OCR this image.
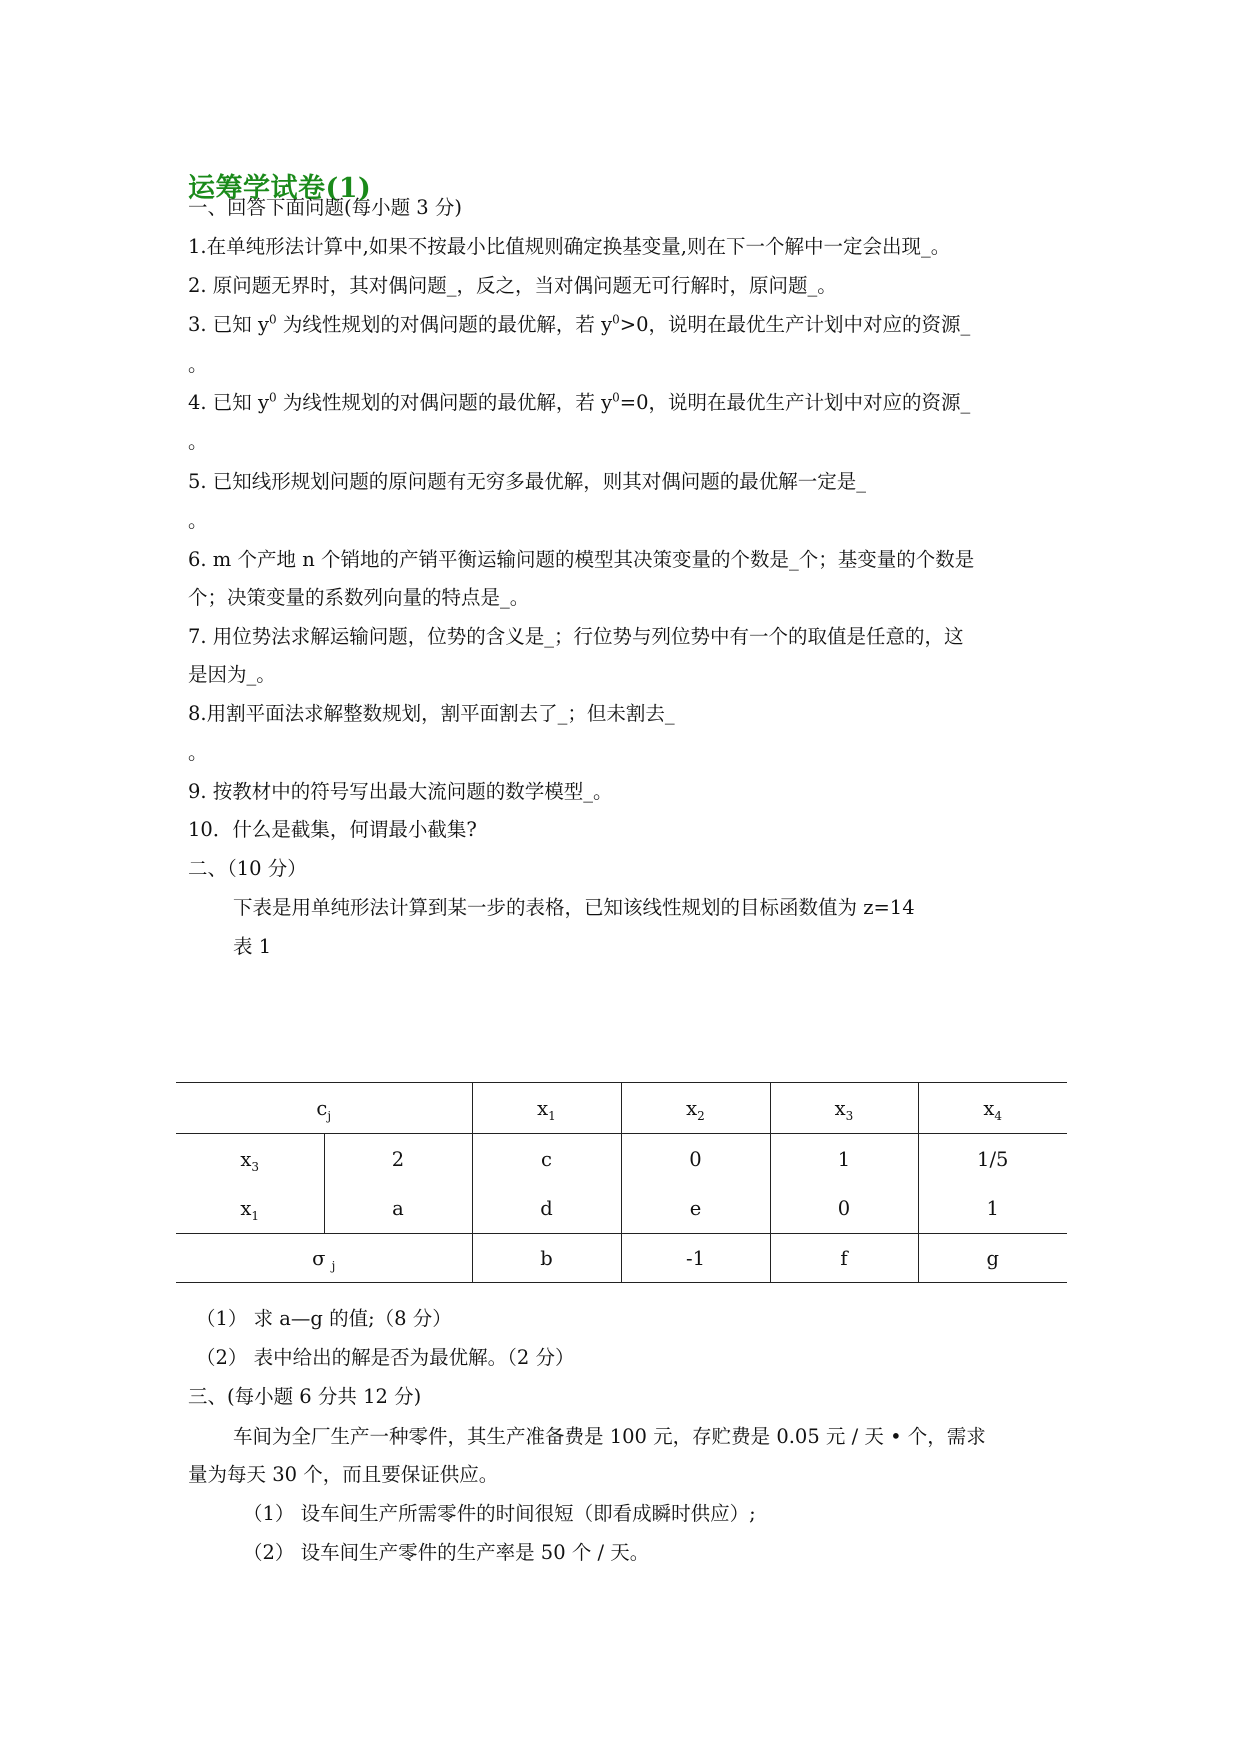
运筹学试卷(1)
一、回答下面问题(每小题 3 分)
1.在单纯形法计算中,如果不按最小比值规则确定换基变量,则在下一个解中一定会出现_。
2. 原问题无界时，其对偶问题_，反之，当对偶问题无可行解时，原问题_。
3. 已知 $y^0$ 为线性规划的对偶问题的最优解，若 $y^0>0$，说明在最优生产计划中对应的资源_
。
4. 已知 $y^0$ 为线性规划的对偶问题的最优解，若 $y^0=0$，说明在最优生产计划中对应的资源_
。
5. 已知线形规划问题的原问题有无穷多最优解，则其对偶问题的最优解一定是_
。
6. m 个产地 n 个销地的产销平衡运输问题的模型其决策变量的个数是_个；基变量的个数是
个；决策变量的系数列向量的特点是_。
7. 用位势法求解运输问题，位势的含义是_；行位势与列位势中有一个的取值是任意的，这
是因为_。
8.用割平面法求解整数规划，割平面割去了_；但未割去_
。
9. 按教材中的符号写出最大流问题的数学模型_。
10．什么是截集，何谓最小截集?
二、（10 分）
下表是用单纯形法计算到某一步的表格，已知该线性规划的目标函数值为 z=14
表 1
$c_j$		$x_1$	$x_2$	$x_3$	$x_4$
$x_3$	2	c	0	1	1/5
$x_1$	a	d	e	0	1
σ $_j$		b	-1	f	g
（1） 求 a—g 的值;（8 分）
（2） 表中给出的解是否为最优解。（2 分）
三、(每小题 6 分共 12 分)
车间为全厂生产一种零件，其生产准备费是 100 元，存贮费是 0.05 元 / 天 • 个，需求
量为每天 30 个，而且要保证供应。
（1） 设车间生产所需零件的时间很短（即看成瞬时供应）;
（2） 设车间生产零件的生产率是 50 个 / 天。
